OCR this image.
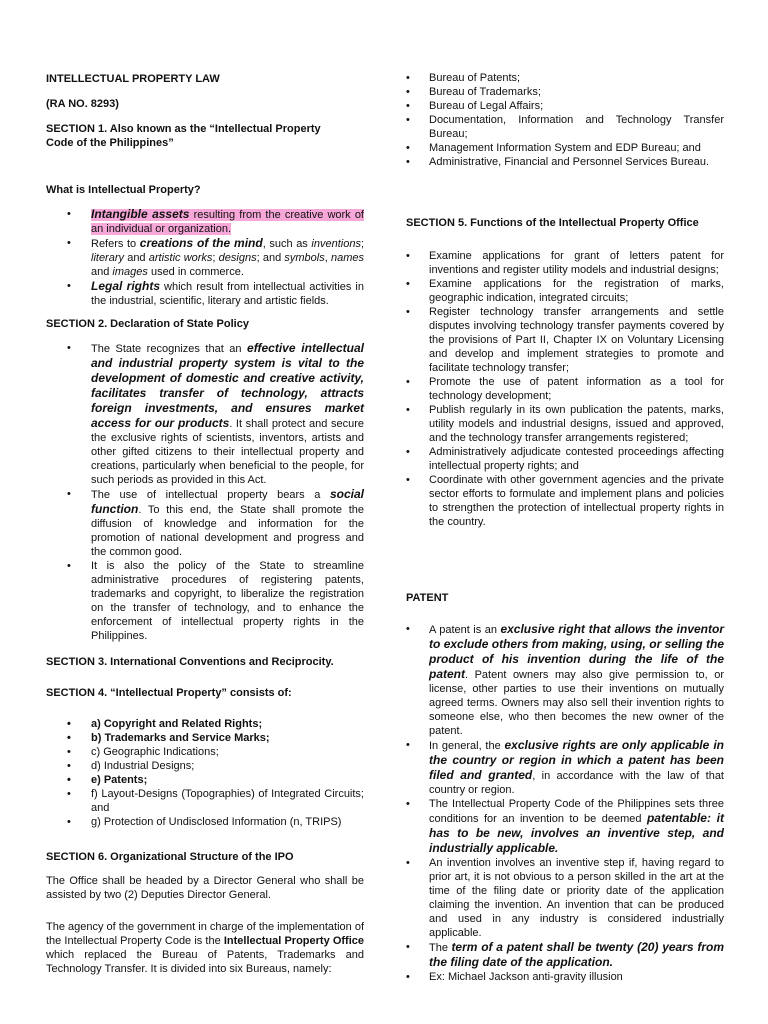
INTELLECTUAL PROPERTY LAW
(RA NO. 8293)
SECTION 1. Also known as the “Intellectual Property
Code of the Philippines”
What is Intellectual Property?
• Intangible assets resulting from the creative work of an individual or organization.
• Refers to creations of the mind, such as inventions; literary and artistic works; designs; and symbols, names and images used in commerce.
• Legal rights which result from intellectual activities in the industrial, scientific, literary and artistic fields.
SECTION 2. Declaration of State Policy
• The State recognizes that an effective intellectual and industrial property system is vital to the development of domestic and creative activity, facilitates transfer of technology, attracts foreign investments, and ensures market access for our products. It shall protect and secure the exclusive rights of scientists, inventors, artists and other gifted citizens to their intellectual property and creations, particularly when beneficial to the people, for such periods as provided in this Act.
• The use of intellectual property bears a social function. To this end, the State shall promote the diffusion of knowledge and information for the promotion of national development and progress and the common good.
• It is also the policy of the State to streamline administrative procedures of registering patents, trademarks and copyright, to liberalize the registration on the transfer of technology, and to enhance the enforcement of intellectual property rights in the Philippines.
SECTION 3. International Conventions and Reciprocity.
SECTION 4. “Intellectual Property” consists of:
• a) Copyright and Related Rights;
• b) Trademarks and Service Marks;
• c) Geographic Indications;
• d) Industrial Designs;
• e) Patents;
• f) Layout-Designs (Topographies) of Integrated Circuits; and
• g) Protection of Undisclosed Information (n, TRIPS)
SECTION 6. Organizational Structure of the IPO
The Office shall be headed by a Director General who shall be assisted by two (2) Deputies Director General.
The agency of the government in charge of the implementation of the Intellectual Property Code is the Intellectual Property Office which replaced the Bureau of Patents, Trademarks and Technology Transfer. It is divided into six Bureaus, namely:
• Bureau of Patents;
• Bureau of Trademarks;
• Bureau of Legal Affairs;
• Documentation, Information and Technology Transfer Bureau;
• Management Information System and EDP Bureau; and
• Administrative, Financial and Personnel Services Bureau.
SECTION 5. Functions of the Intellectual Property Office
• Examine applications for grant of letters patent for inventions and register utility models and industrial designs;
• Examine applications for the registration of marks, geographic indication, integrated circuits;
• Register technology transfer arrangements and settle disputes involving technology transfer payments covered by the provisions of Part II, Chapter IX on Voluntary Licensing and develop and implement strategies to promote and facilitate technology transfer;
• Promote the use of patent information as a tool for technology development;
• Publish regularly in its own publication the patents, marks, utility models and industrial designs, issued and approved, and the technology transfer arrangements registered;
• Administratively adjudicate contested proceedings affecting intellectual property rights; and
• Coordinate with other government agencies and the private sector efforts to formulate and implement plans and policies to strengthen the protection of intellectual property rights in the country.
PATENT
• A patent is an exclusive right that allows the inventor to exclude others from making, using, or selling the product of his invention during the life of the patent. Patent owners may also give permission to, or license, other parties to use their inventions on mutually agreed terms. Owners may also sell their invention rights to someone else, who then becomes the new owner of the patent.
• In general, the exclusive rights are only applicable in the country or region in which a patent has been filed and granted, in accordance with the law of that country or region.
• The Intellectual Property Code of the Philippines sets three conditions for an invention to be deemed patentable: it has to be new, involves an inventive step, and industrially applicable.
• An invention involves an inventive step if, having regard to prior art, it is not obvious to a person skilled in the art at the time of the filing date or priority date of the application claiming the invention. An invention that can be produced and used in any industry is considered industrially applicable.
• The term of a patent shall be twenty (20) years from the filing date of the application.
• Ex: Michael Jackson anti-gravity illusion
